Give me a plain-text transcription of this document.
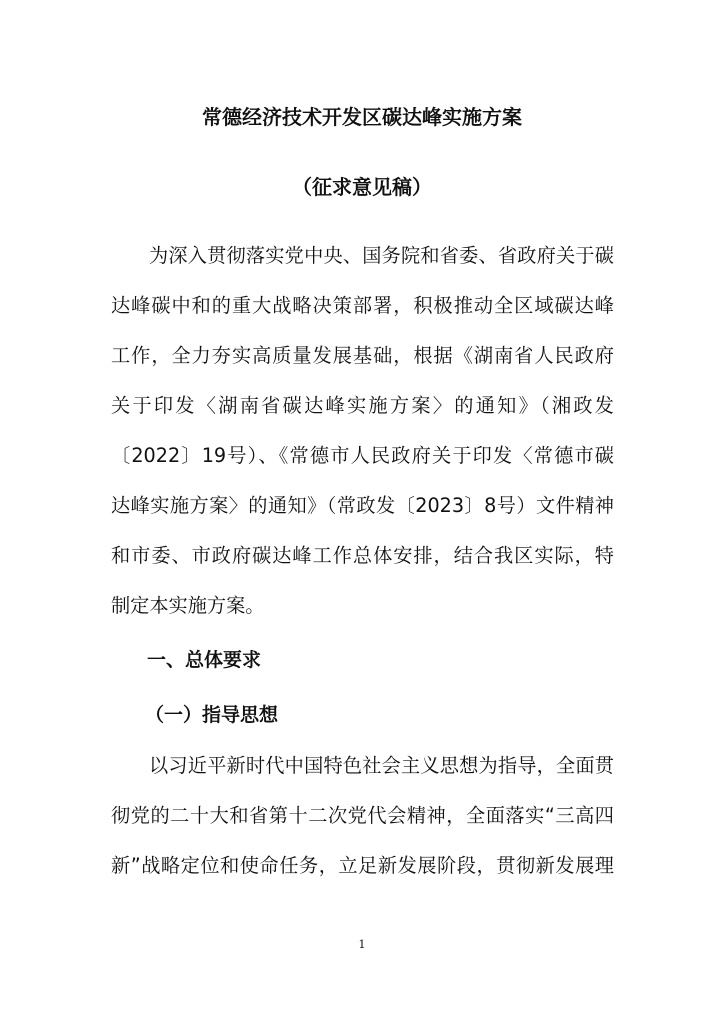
常德经济技术开发区碳达峰实施方案
（征求意见稿）
为深入贯彻落实党中央、国务院和省委、省政府关于碳
达峰碳中和的重大战略决策部署，积极推动全区域碳达峰
工作，全力夯实高质量发展基础，根据《湖南省人民政府
关于印发〈湖南省碳达峰实施方案〉的通知》（湘政发
〔2022〕19号）、《常德市人民政府关于印发〈常德市碳
达峰实施方案〉的通知》（常政发〔2023〕8号）文件精神
和市委、市政府碳达峰工作总体安排，结合我区实际，特
制定本实施方案。
一、总体要求
（一）指导思想
以习近平新时代中国特色社会主义思想为指导，全面贯
彻党的二十大和省第十二次党代会精神，全面落实“三高四
新”战略定位和使命任务，立足新发展阶段，贯彻新发展理
1
